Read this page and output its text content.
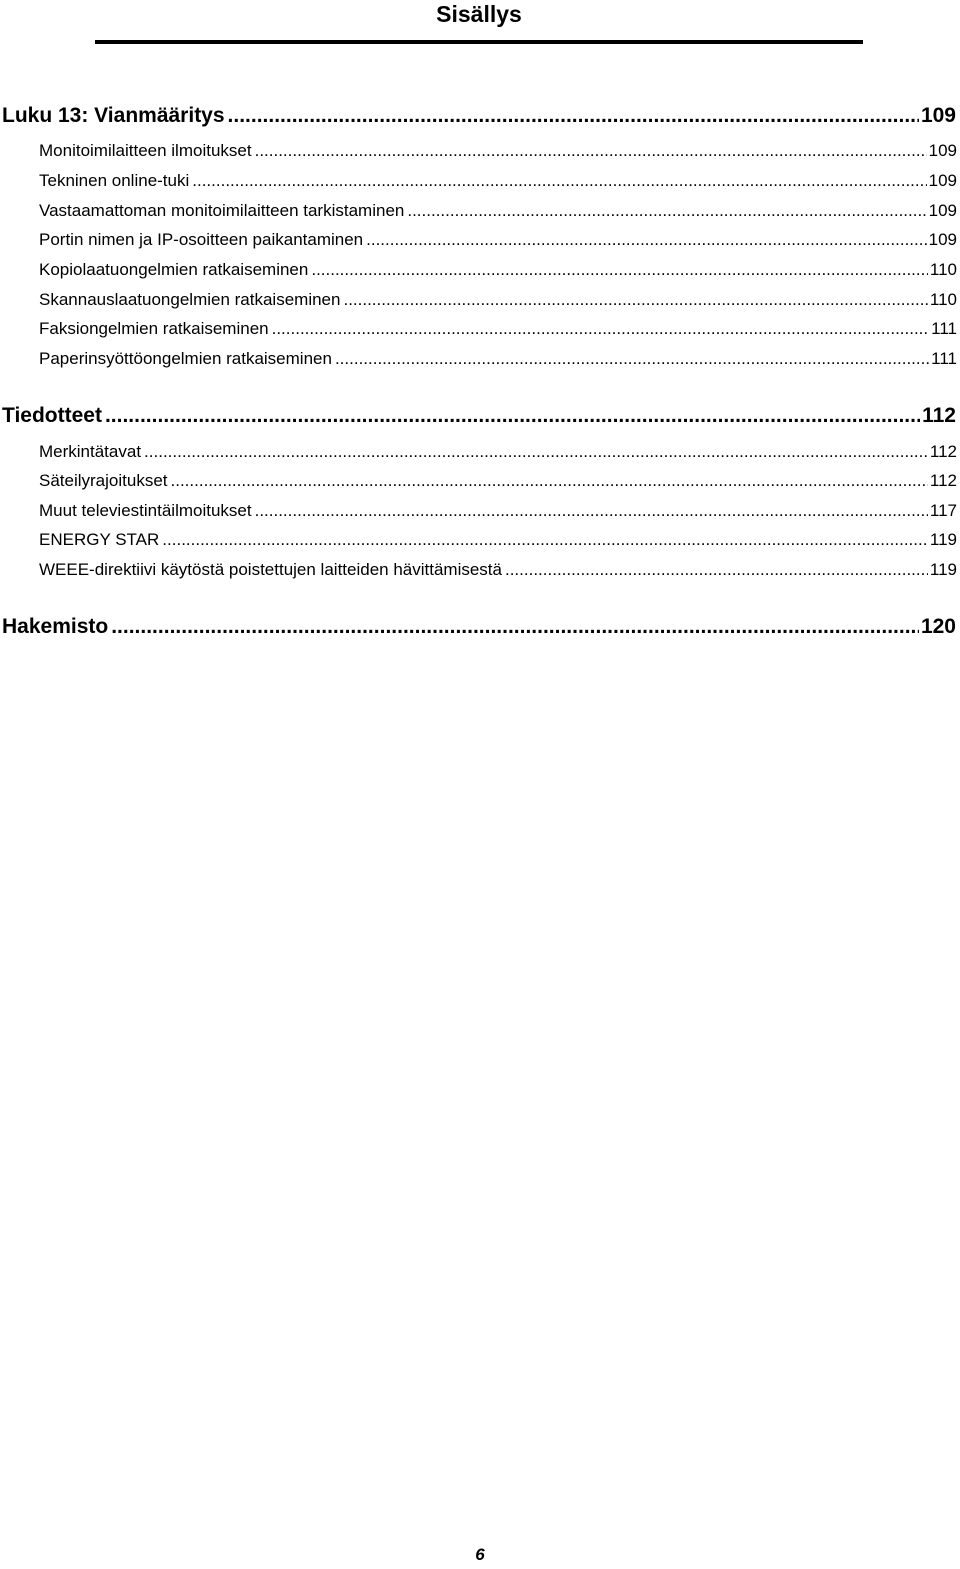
Sisällys
Luku 13: Vianmääritys .....	109
Monitoimilaitteen ilmoitukset .....	109
Tekninen online-tuki .....	109
Vastaamattoman monitoimilaitteen tarkistaminen .....	109
Portin nimen ja IP-osoitteen paikantaminen .....	109
Kopiolaatuongelmien ratkaiseminen .....	110
Skannauslaatuongelmien ratkaiseminen .....	110
Faksiongelmien ratkaiseminen .....	111
Paperinsyöttöongelmien ratkaiseminen .....	111
Tiedotteet .....	112
Merkintätavat .....	112
Säteilyrajoitukset .....	112
Muut televiestintäilmoitukset .....	117
ENERGY STAR .....	119
WEEE-direktiivi käytöstä poistettujen laitteiden hävittämisestä .....	119
Hakemisto .....	120
6
